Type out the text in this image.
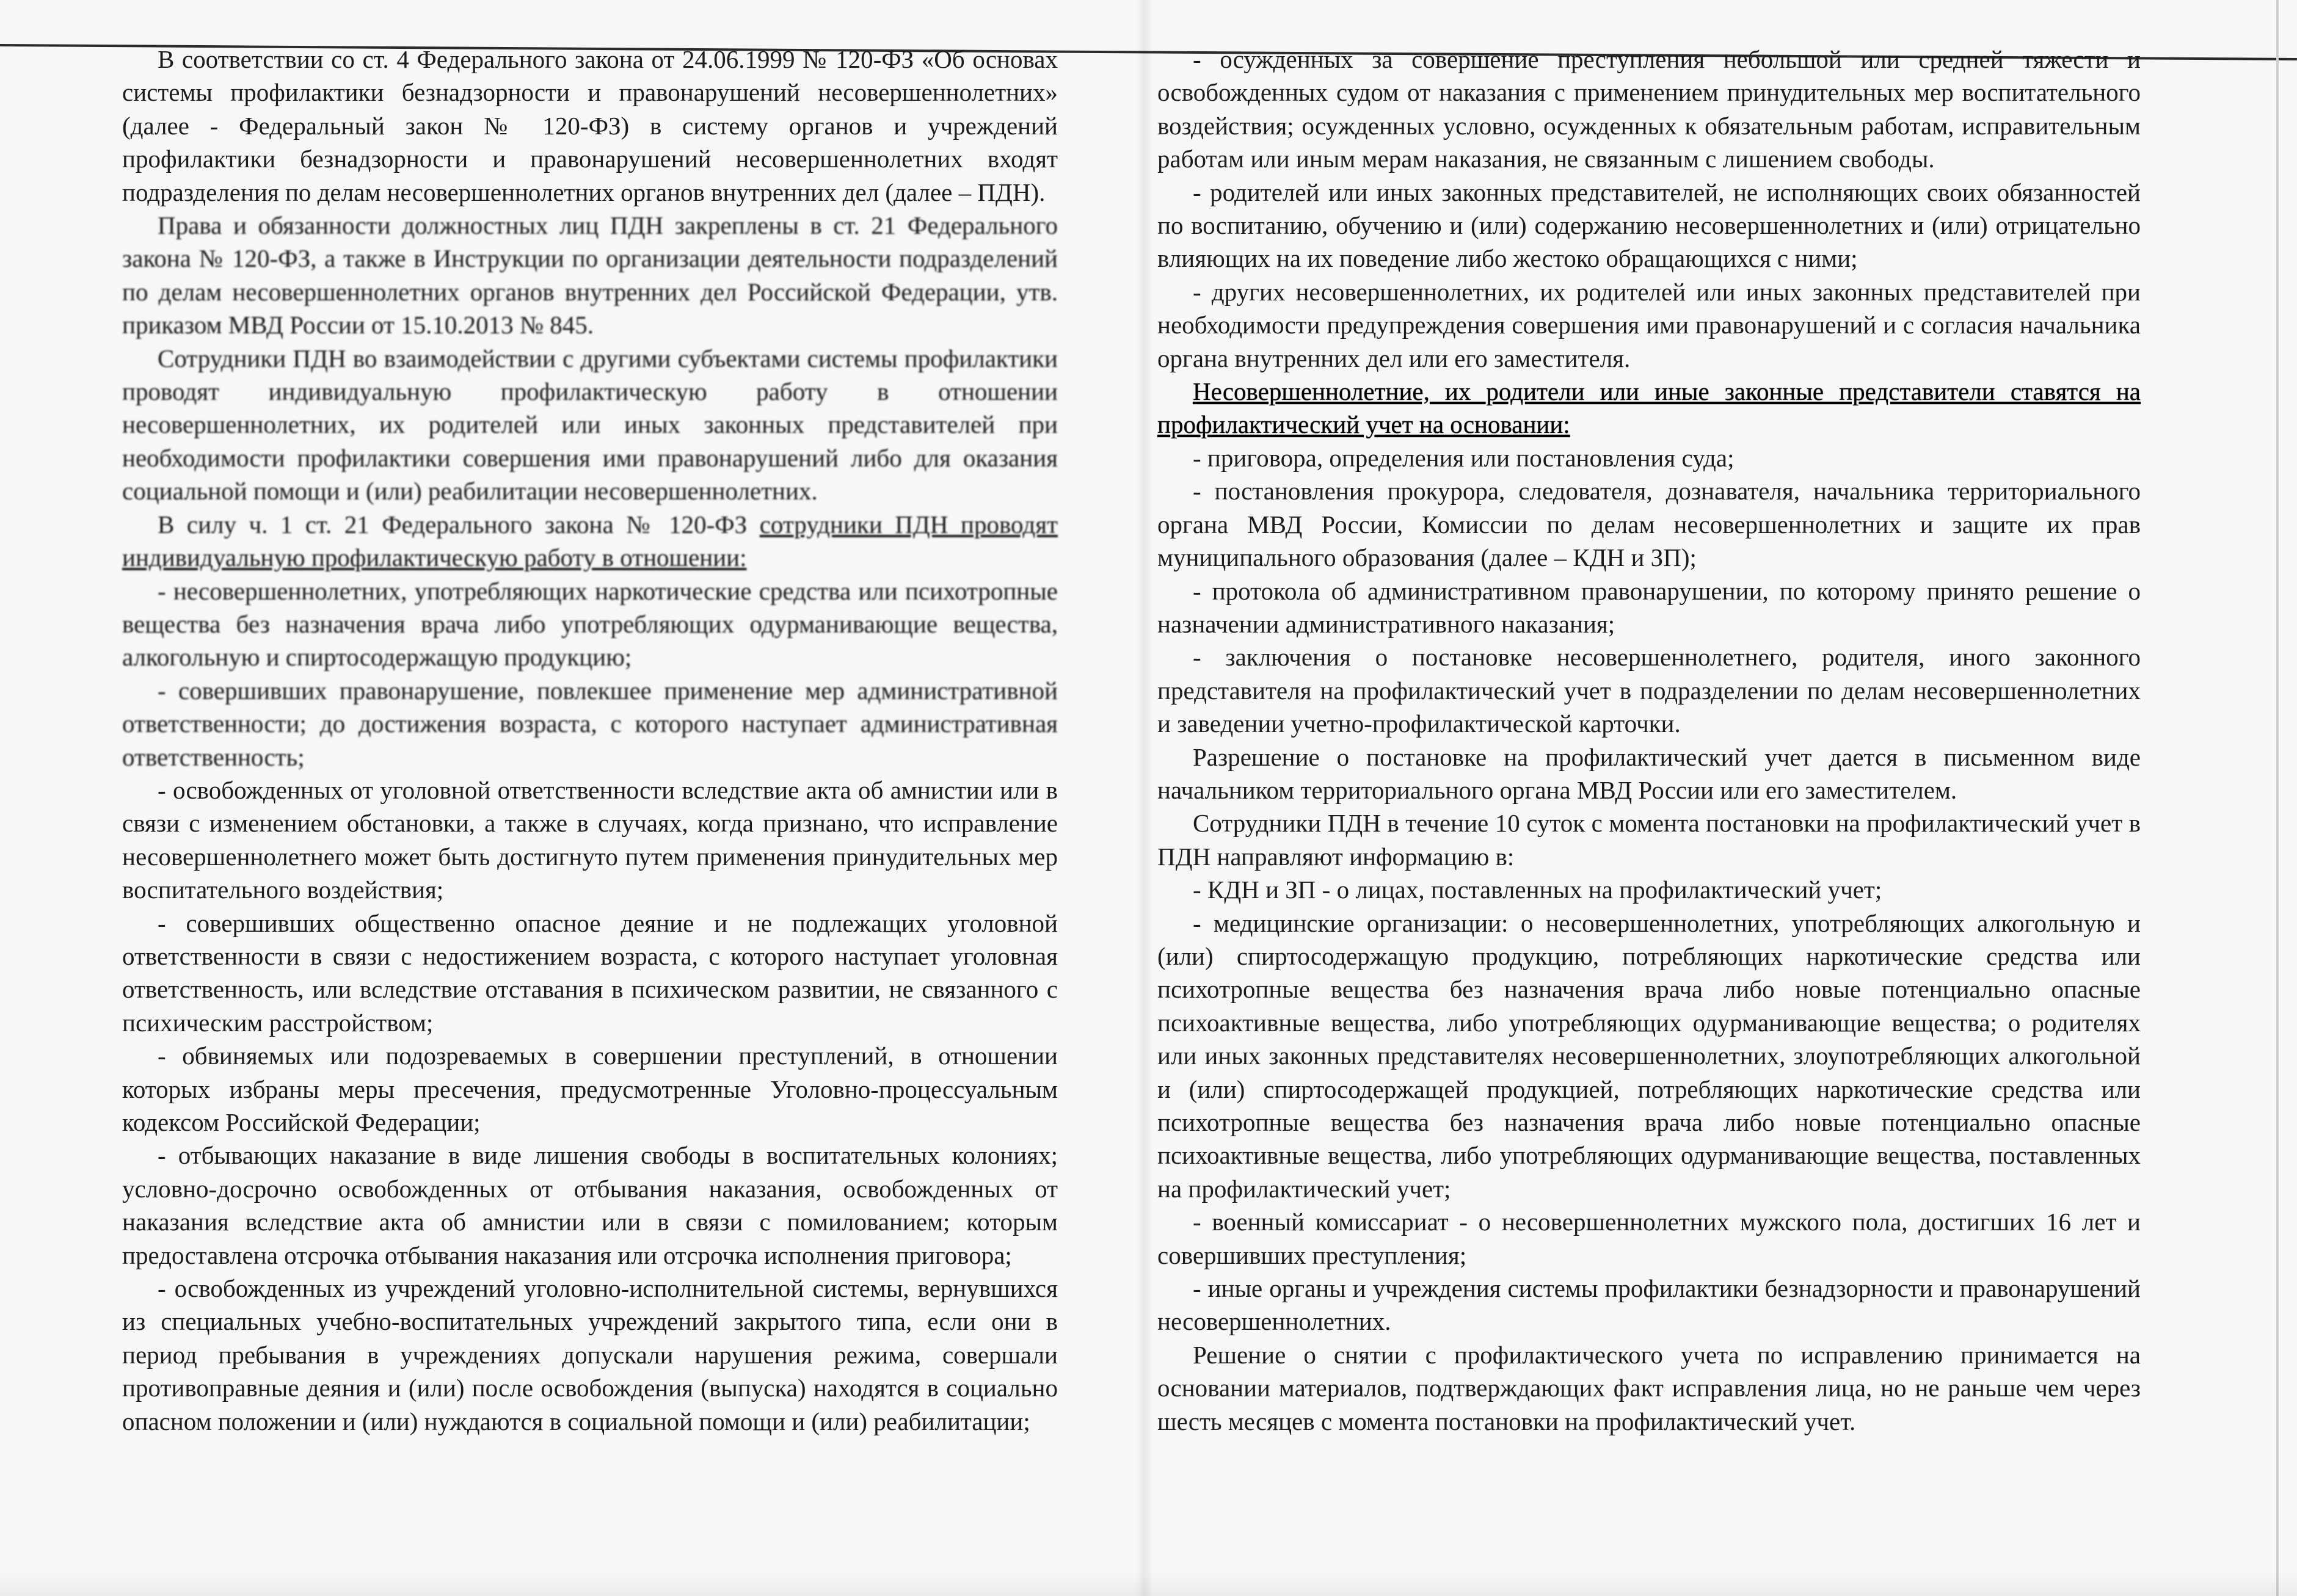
В соответствии со ст. 4 Федерального закона от 24.06.1999 № 120-ФЗ «Об основах системы профилактики безнадзорности и правонарушений несовершеннолетних» (далее - Федеральный закон № 120-ФЗ) в систему органов и учреждений профилактики безнадзорности и правонарушений несовершеннолетних входят подразделения по делам несовершеннолетних органов внутренних дел (далее – ПДН).

Права и обязанности должностных лиц ПДН закреплены в ст. 21 Федерального закона № 120-ФЗ, а также в Инструкции по организации деятельности подразделений по делам несовершеннолетних органов внутренних дел Российской Федерации, утв. приказом МВД России от 15.10.2013 № 845.

Сотрудники ПДН во взаимодействии с другими субъектами системы профилактики проводят индивидуальную профилактическую работу в отношении несовершеннолетних, их родителей или иных законных представителей при необходимости профилактики совершения ими правонарушений либо для оказания социальной помощи и (или) реабилитации несовершеннолетних.

В силу ч. 1 ст. 21 Федерального закона № 120-ФЗ сотрудники ПДН проводят индивидуальную профилактическую работу в отношении:

- несовершеннолетних, употребляющих наркотические средства или психотропные вещества без назначения врача либо употребляющих одурманивающие вещества, алкогольную и спиртосодержащую продукцию;

- совершивших правонарушение, повлекшее применение мер административной ответственности; до достижения возраста, с которого наступает административная ответственность;

- освобожденных от уголовной ответственности вследствие акта об амнистии или в связи с изменением обстановки, а также в случаях, когда признано, что исправление несовершеннолетнего может быть достигнуто путем применения принудительных мер воспитательного воздействия;

- совершивших общественно опасное деяние и не подлежащих уголовной ответственности в связи с недостижением возраста, с которого наступает уголовная ответственность, или вследствие отставания в психическом развитии, не связанного с психическим расстройством;

- обвиняемых или подозреваемых в совершении преступлений, в отношении которых избраны меры пресечения, предусмотренные Уголовно-процессуальным кодексом Российской Федерации;

- отбывающих наказание в виде лишения свободы в воспитательных колониях; условно-досрочно освобожденных от отбывания наказания, освобожденных от наказания вследствие акта об амнистии или в связи с помилованием; которым предоставлена отсрочка отбывания наказания или отсрочка исполнения приговора;

- освобожденных из учреждений уголовно-исполнительной системы, вернувшихся из специальных учебно-воспитательных учреждений закрытого типа, если они в период пребывания в учреждениях допускали нарушения режима, совершали противоправные деяния и (или) после освобождения (выпуска) находятся в социально опасном положении и (или) нуждаются в социальной помощи и (или) реабилитации;

- осужденных за совершение преступления небольшой или средней тяжести и освобожденных судом от наказания с применением принудительных мер воспитательного воздействия; осужденных условно, осужденных к обязательным работам, исправительным работам или иным мерам наказания, не связанным с лишением свободы.

- родителей или иных законных представителей, не исполняющих своих обязанностей по воспитанию, обучению и (или) содержанию несовершеннолетних и (или) отрицательно влияющих на их поведение либо жестоко обращающихся с ними;

- других несовершеннолетних, их родителей или иных законных представителей при необходимости предупреждения совершения ими правонарушений и с согласия начальника органа внутренних дел или его заместителя.

Несовершеннолетние, их родители или иные законные представители ставятся на профилактический учет на основании:

- приговора, определения или постановления суда;

- постановления прокурора, следователя, дознавателя, начальника территориального органа МВД России, Комиссии по делам несовершеннолетних и защите их прав муниципального образования (далее – КДН и ЗП);

- протокола об административном правонарушении, по которому принято решение о назначении административного наказания;

- заключения о постановке несовершеннолетнего, родителя, иного законного представителя на профилактический учет в подразделении по делам несовершеннолетних и заведении учетно-профилактической карточки.

Разрешение о постановке на профилактический учет дается в письменном виде начальником территориального органа МВД России или его заместителем.

Сотрудники ПДН в течение 10 суток с момента постановки на профилактический учет в ПДН направляют информацию в:

- КДН и ЗП - о лицах, поставленных на профилактический учет;

- медицинские организации: о несовершеннолетних, употребляющих алкогольную и (или) спиртосодержащую продукцию, потребляющих наркотические средства или психотропные вещества без назначения врача либо новые потенциально опасные психоактивные вещества, либо употребляющих одурманивающие вещества; о родителях или иных законных представителях несовершеннолетних, злоупотребляющих алкогольной и (или) спиртосодержащей продукцией, потребляющих наркотические средства или психотропные вещества без назначения врача либо новые потенциально опасные психоактивные вещества, либо употребляющих одурманивающие вещества, поставленных на профилактический учет;

- военный комиссариат - о несовершеннолетних мужского пола, достигших 16 лет и совершивших преступления;

- иные органы и учреждения системы профилактики безнадзорности и правонарушений несовершеннолетних.

Решение о снятии с профилактического учета по исправлению принимается на основании материалов, подтверждающих факт исправления лица, но не раньше чем через шесть месяцев с момента постановки на профилактический учет.
